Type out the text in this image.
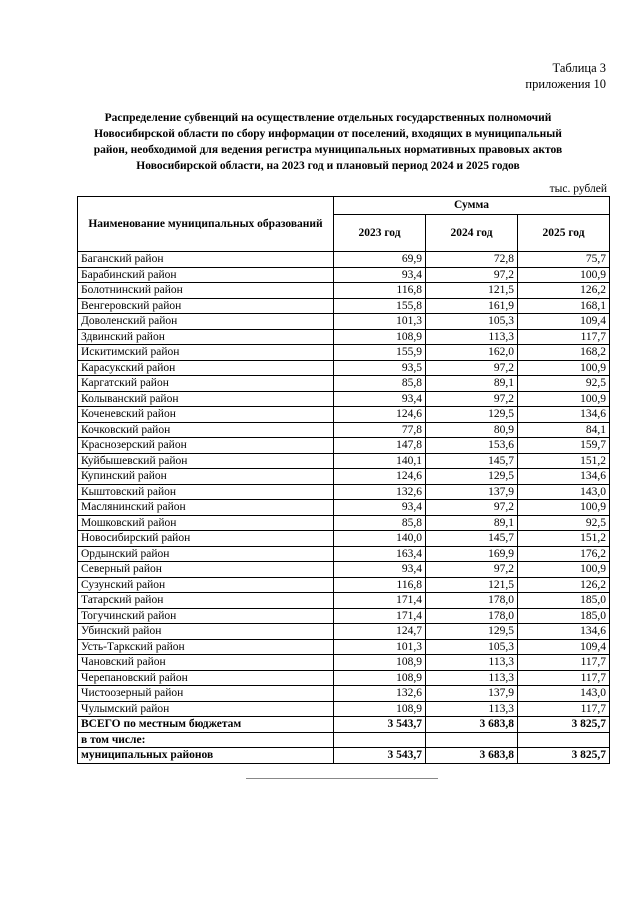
Таблица 3
приложения 10
Распределение субвенций на осуществление отдельных государственных полномочий Новосибирской области по сбору информации от поселений, входящих в муниципальный район, необходимой для ведения регистра муниципальных нормативных правовых актов Новосибирской области, на 2023 год и плановый период 2024 и 2025 годов
тыс. рублей
Наименование муниципальных образований	Сумма		
	2023 год	2024 год	2025 год
Баганский район	69,9	72,8	75,7
Барабинский район	93,4	97,2	100,9
Болотнинский район	116,8	121,5	126,2
Венгеровский район	155,8	161,9	168,1
Доволенский район	101,3	105,3	109,4
Здвинский район	108,9	113,3	117,7
Искитимский район	155,9	162,0	168,2
Карасукский район	93,5	97,2	100,9
Каргатский район	85,8	89,1	92,5
Колыванский район	93,4	97,2	100,9
Коченевский район	124,6	129,5	134,6
Кочковский район	77,8	80,9	84,1
Краснозерский район	147,8	153,6	159,7
Куйбышевский район	140,1	145,7	151,2
Купинский район	124,6	129,5	134,6
Кыштовский район	132,6	137,9	143,0
Маслянинский район	93,4	97,2	100,9
Мошковский район	85,8	89,1	92,5
Новосибирский район	140,0	145,7	151,2
Ордынский район	163,4	169,9	176,2
Северный район	93,4	97,2	100,9
Сузунский район	116,8	121,5	126,2
Татарский район	171,4	178,0	185,0
Тогучинский район	171,4	178,0	185,0
Убинский район	124,7	129,5	134,6
Усть-Таркский район	101,3	105,3	109,4
Чановский район	108,9	113,3	117,7
Черепановский район	108,9	113,3	117,7
Чистоозерный район	132,6	137,9	143,0
Чулымский район	108,9	113,3	117,7
ВСЕГО по местным бюджетам	3 543,7	3 683,8	3 825,7
в том числе:			
муниципальных районов	3 543,7	3 683,8	3 825,7
